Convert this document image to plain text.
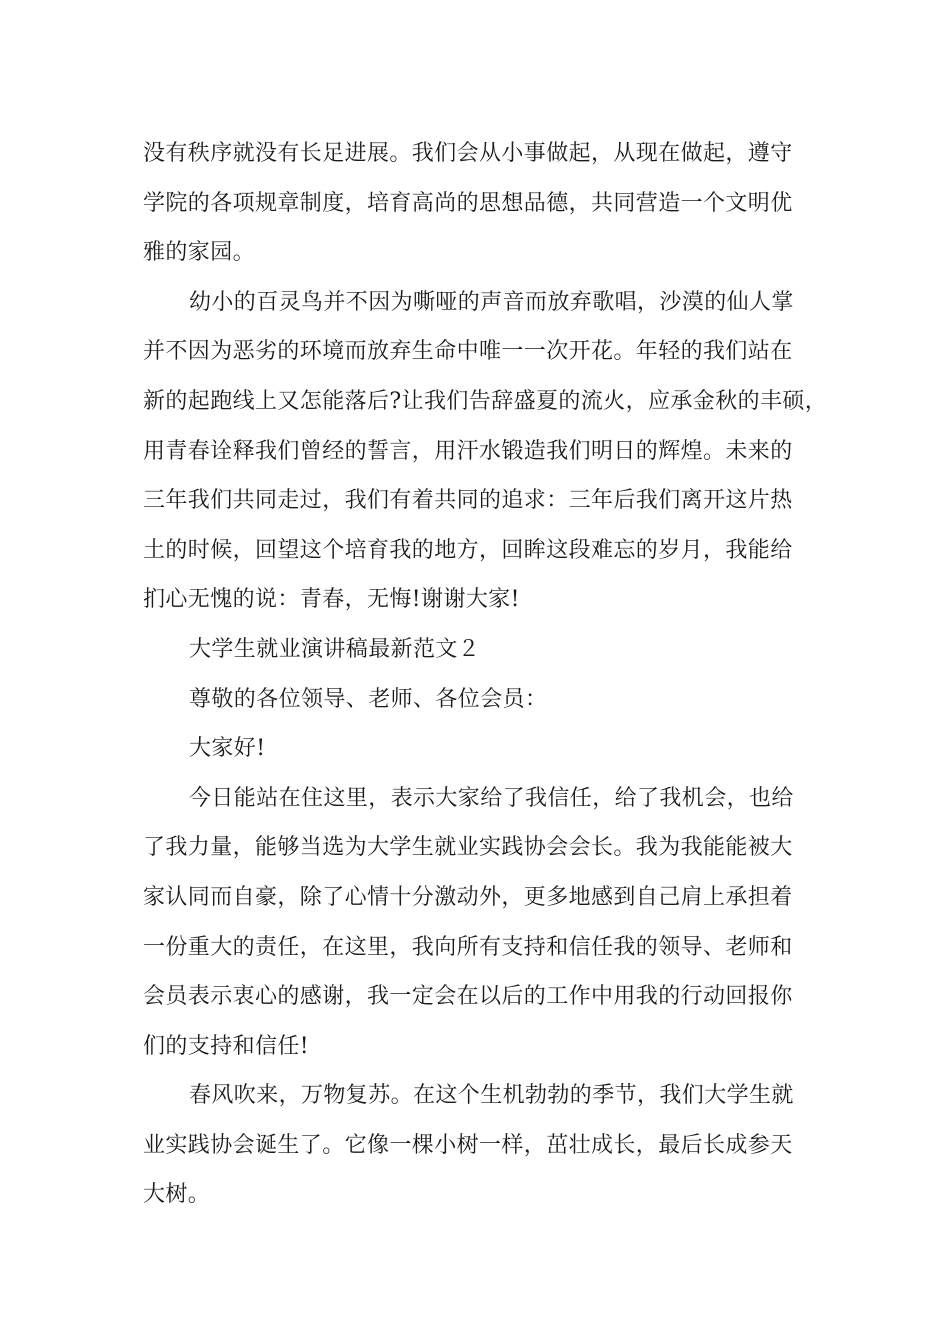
没有秩序就没有长足进展。我们会从小事做起，从现在做起，遵守
学院的各项规章制度，培育高尚的思想品德，共同营造一个文明优
雅的家园。
幼小的百灵鸟并不因为嘶哑的声音而放弃歌唱，沙漠的仙人掌
并不因为恶劣的环境而放弃生命中唯一一次开花。年轻的我们站在
新的起跑线上又怎能落后?让我们告辞盛夏的流火，应承金秋的丰硕，
用青春诠释我们曾经的誓言，用汗水锻造我们明日的辉煌。未来的
三年我们共同走过，我们有着共同的追求：三年后我们离开这片热
土的时候，回望这个培育我的地方，回眸这段难忘的岁月，我能给
扪心无愧的说：青春，无悔!谢谢大家!
大学生就业演讲稿最新范文２
尊敬的各位领导、老师、各位会员：
大家好!
今日能站在住这里，表示大家给了我信任，给了我机会，也给
了我力量，能够当选为大学生就业实践协会会长。我为我能能被大
家认同而自豪，除了心情十分激动外，更多地感到自己肩上承担着
一份重大的责任，在这里，我向所有支持和信任我的领导、老师和
会员表示衷心的感谢，我一定会在以后的工作中用我的行动回报你
们的支持和信任!
春风吹来，万物复苏。在这个生机勃勃的季节，我们大学生就
业实践协会诞生了。它像一棵小树一样，茁壮成长，最后长成参天
大树。
